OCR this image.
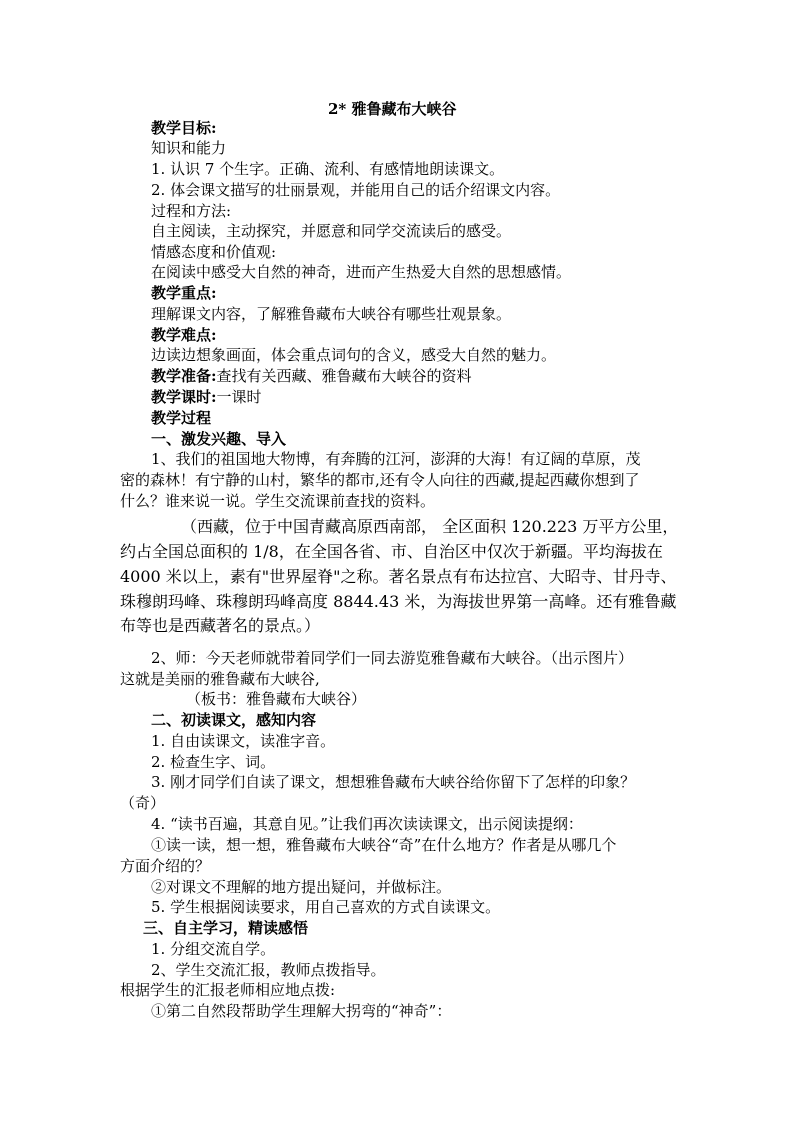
2* 雅鲁藏布大峡谷
教学目标:
知识和能力
1. 认识 7 个生字。正确、流利、有感情地朗读课文。
2. 体会课文描写的壮丽景观，并能用自己的话介绍课文内容。
过程和方法:
自主阅读，主动探究，并愿意和同学交流读后的感受。
情感态度和价值观:
在阅读中感受大自然的神奇，进而产生热爱大自然的思想感情。
教学重点:
理解课文内容，了解雅鲁藏布大峡谷有哪些壮观景象。
教学难点:
边读边想象画面，体会重点词句的含义，感受大自然的魅力。
教学准备:查找有关西藏、雅鲁藏布大峡谷的资料
教学课时:一课时
教学过程
一、激发兴趣、导入
1、我们的祖国地大物博，有奔腾的江河，澎湃的大海！有辽阔的草原，茂
密的森林！有宁静的山村，繁华的都市,还有令人向往的西藏,提起西藏你想到了
什么？谁来说一说。学生交流课前查找的资料。
（西藏，位于中国青藏高原西南部， 全区面积 120.223 万平方公里，
约占全国总面积的 1/8，在全国各省、市、自治区中仅次于新疆。平均海拔在
4000 米以上，素有"世界屋脊"之称。著名景点有布达拉宫、大昭寺、甘丹寺、
珠穆朗玛峰、珠穆朗玛峰高度 8844.43 米，为海拔世界第一高峰。还有雅鲁藏
布等也是西藏著名的景点。）
2、师：今天老师就带着同学们一同去游览雅鲁藏布大峡谷。（出示图片）
这就是美丽的雅鲁藏布大峡谷,
（板书：雅鲁藏布大峡谷）
二、初读课文，感知内容
1. 自由读课文，读准字音。
2. 检查生字、词。
3. 刚才同学们自读了课文，想想雅鲁藏布大峡谷给你留下了怎样的印象？
（奇）
4. “读书百遍，其意自见。”让我们再次读读课文，出示阅读提纲：
①读一读，想一想，雅鲁藏布大峡谷“奇”在什么地方？作者是从哪几个
方面介绍的？
②对课文不理解的地方提出疑问，并做标注。
5. 学生根据阅读要求，用自己喜欢的方式自读课文。
三、自主学习，精读感悟
1. 分组交流自学。
2、学生交流汇报，教师点拨指导。
根据学生的汇报老师相应地点拨:
①第二自然段帮助学生理解大拐弯的“神奇”：
